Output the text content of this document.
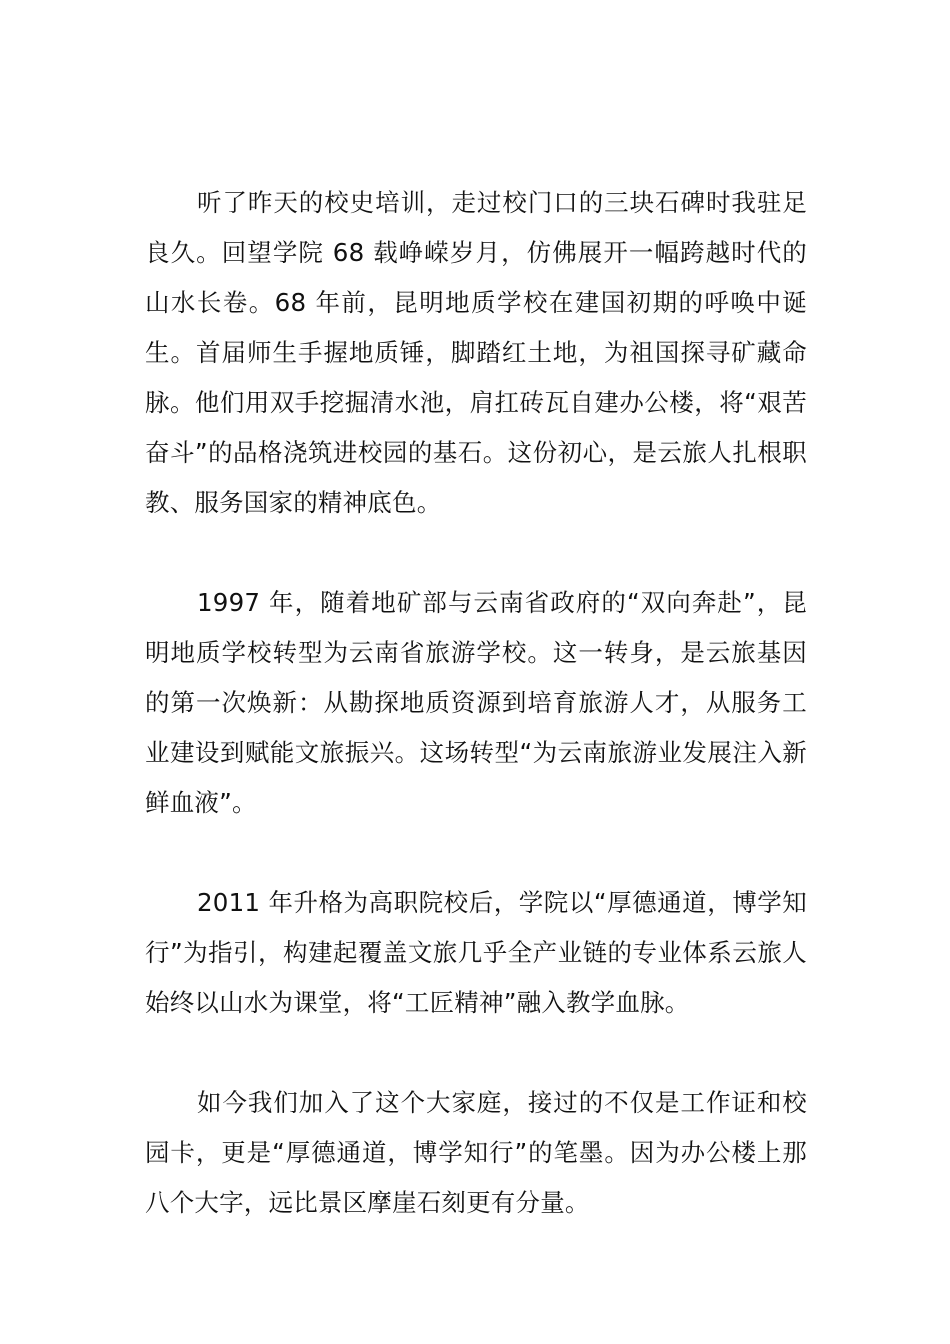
听了昨天的校史培训，走过校门口的三块石碑时我驻足良久。回望学院 68 载峥嵘岁月，仿佛展开一幅跨越时代的山水长卷。68 年前，昆明地质学校在建国初期的呼唤中诞生。首届师生手握地质锤，脚踏红土地，为祖国探寻矿藏命脉。他们用双手挖掘清水池，肩扛砖瓦自建办公楼，将“艰苦奋斗”的品格浇筑进校园的基石。这份初心，是云旅人扎根职教、服务国家的精神底色。

1997 年，随着地矿部与云南省政府的“双向奔赴”，昆明地质学校转型为云南省旅游学校。这一转身，是云旅基因的第一次焕新：从勘探地质资源到培育旅游人才，从服务工业建设到赋能文旅振兴。这场转型“为云南旅游业发展注入新鲜血液”。

2011 年升格为高职院校后，学院以“厚德通道，博学知行”为指引，构建起覆盖文旅几乎全产业链的专业体系云旅人始终以山水为课堂，将“工匠精神”融入教学血脉。

如今我们加入了这个大家庭，接过的不仅是工作证和校园卡，更是“厚德通道，博学知行”的笔墨。因为办公楼上那八个大字，远比景区摩崖石刻更有分量。
